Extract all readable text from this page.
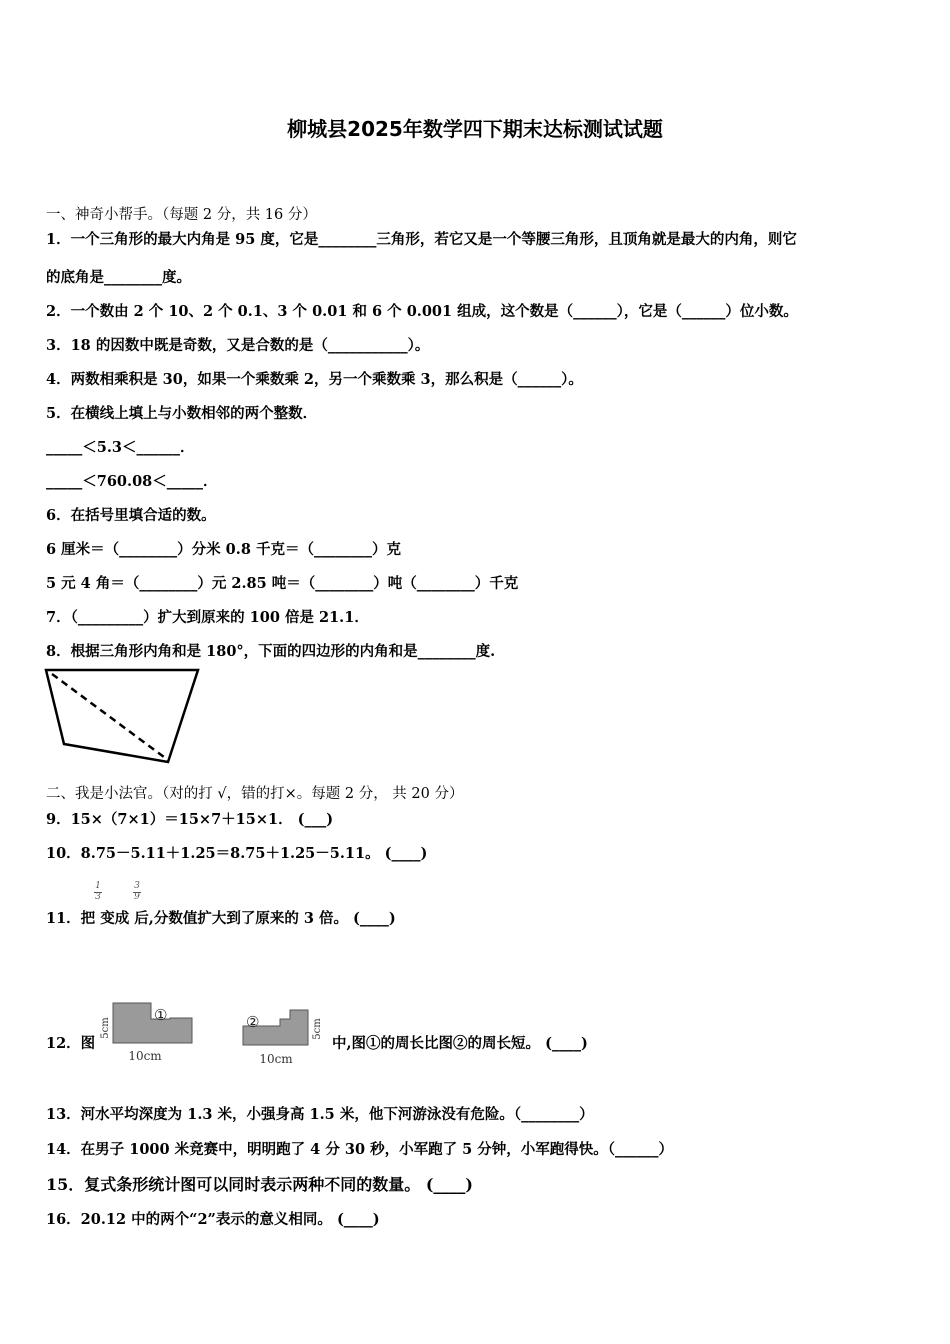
柳城县2025年数学四下期末达标测试试题
一、神奇小帮手。（每题 2 分，共 16 分）
1．一个三角形的最大内角是 95 度，它是________三角形，若它又是一个等腰三角形，且顶角就是最大的内角，则它
的底角是________度。
2．一个数由 2 个 10、2 个 0.1、3 个 0.01 和 6 个 0.001 组成，这个数是（______），它是（______）位小数。
3．18 的因数中既是奇数，又是合数的是（___________）。
4．两数相乘积是 30，如果一个乘数乘 2，另一个乘数乘 3，那么积是（______）。
5．在横线上填上与小数相邻的两个整数．
_____＜5.3＜______．
_____＜760.08＜_____．
6．在括号里填合适的数。
6 厘米＝（________）分米 0.8 千克＝（________）克
5 元 4 角＝（________）元 2.85 吨＝（________）吨（________）千克
7．（_________）扩大到原来的 100 倍是 21.1．
8．根据三角形内角和是 180°，下面的四边形的内角和是________度.
二、我是小法官。（对的打 √，错的打×。每题 2 分， 共 20 分）
9．15×（7×1）＝15×7＋15×1． (___)
10．8.75－5.11＋1.25＝8.75＋1.25－5.11。 (____)
$\frac{1}{3}$	$\frac{3}{9}$
11．把 变成 后,分数值扩大到了原来的 3 倍。 (____)
12．图
①
5cm
10cm
②	5cm
10cm
中,图①的周长比图②的周长短。 (____)
13．河水平均深度为 1.3 米，小强身高 1.5 米，他下河游泳没有危险。（________）
14．在男子 1000 米竞赛中，明明跑了 4 分 30 秒，小军跑了 5 分钟，小军跑得快。（______）
15．复式条形统计图可以同时表示两种不同的数量。 (____)
16．20.12 中的两个“2”表示的意义相同。 (____)
